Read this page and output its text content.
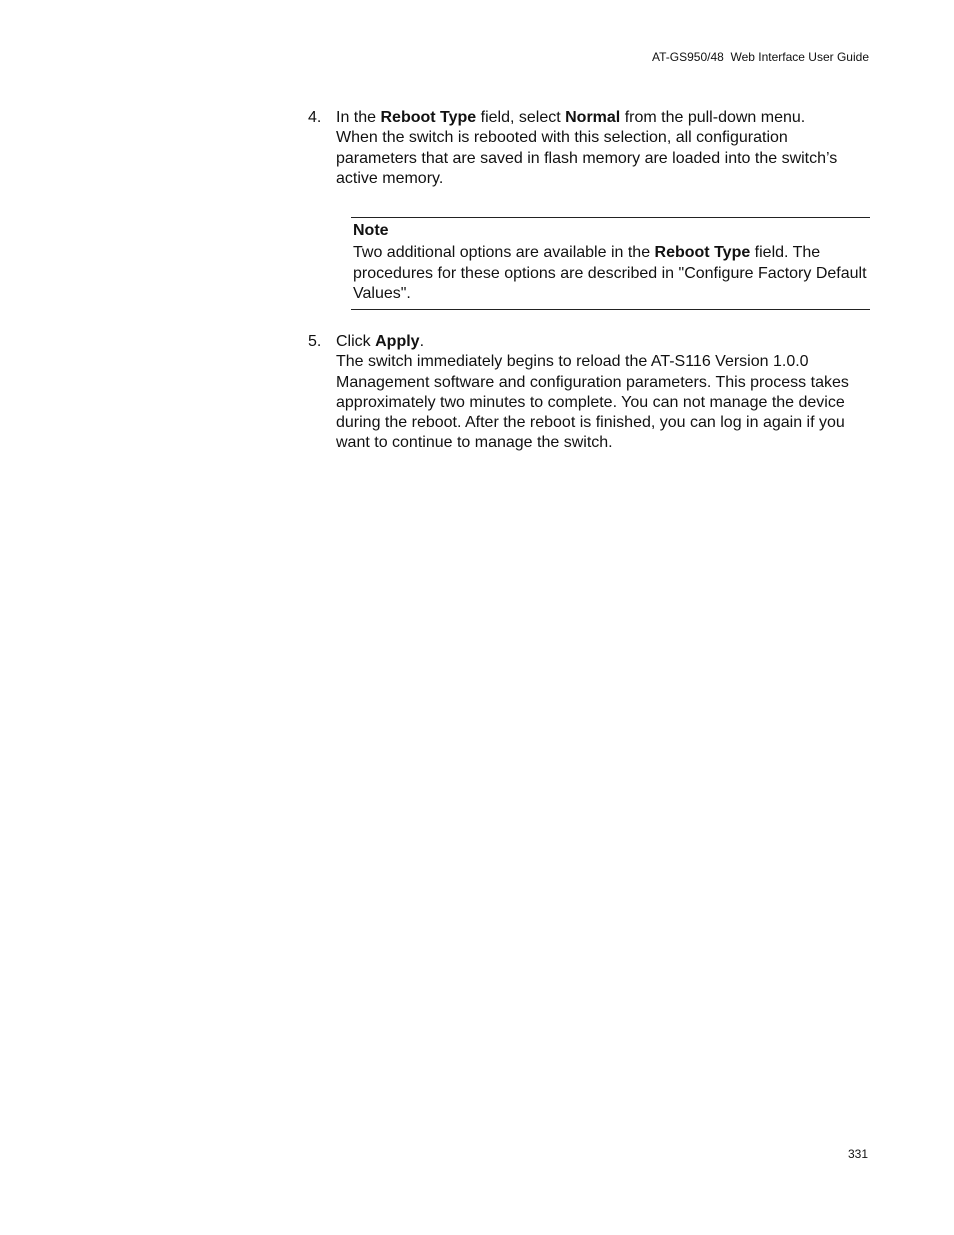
AT-GS950/48  Web Interface User Guide
4. In the Reboot Type field, select Normal from the pull-down menu.
When the switch is rebooted with this selection, all configuration parameters that are saved in flash memory are loaded into the switch’s active memory.
Note
Two additional options are available in the Reboot Type field. The procedures for these options are described in "Configure Factory Default Values".
5. Click Apply.
The switch immediately begins to reload the AT-S116 Version 1.0.0 Management software and configuration parameters. This process takes approximately two minutes to complete. You can not manage the device during the reboot. After the reboot is finished, you can log in again if you want to continue to manage the switch.
331
